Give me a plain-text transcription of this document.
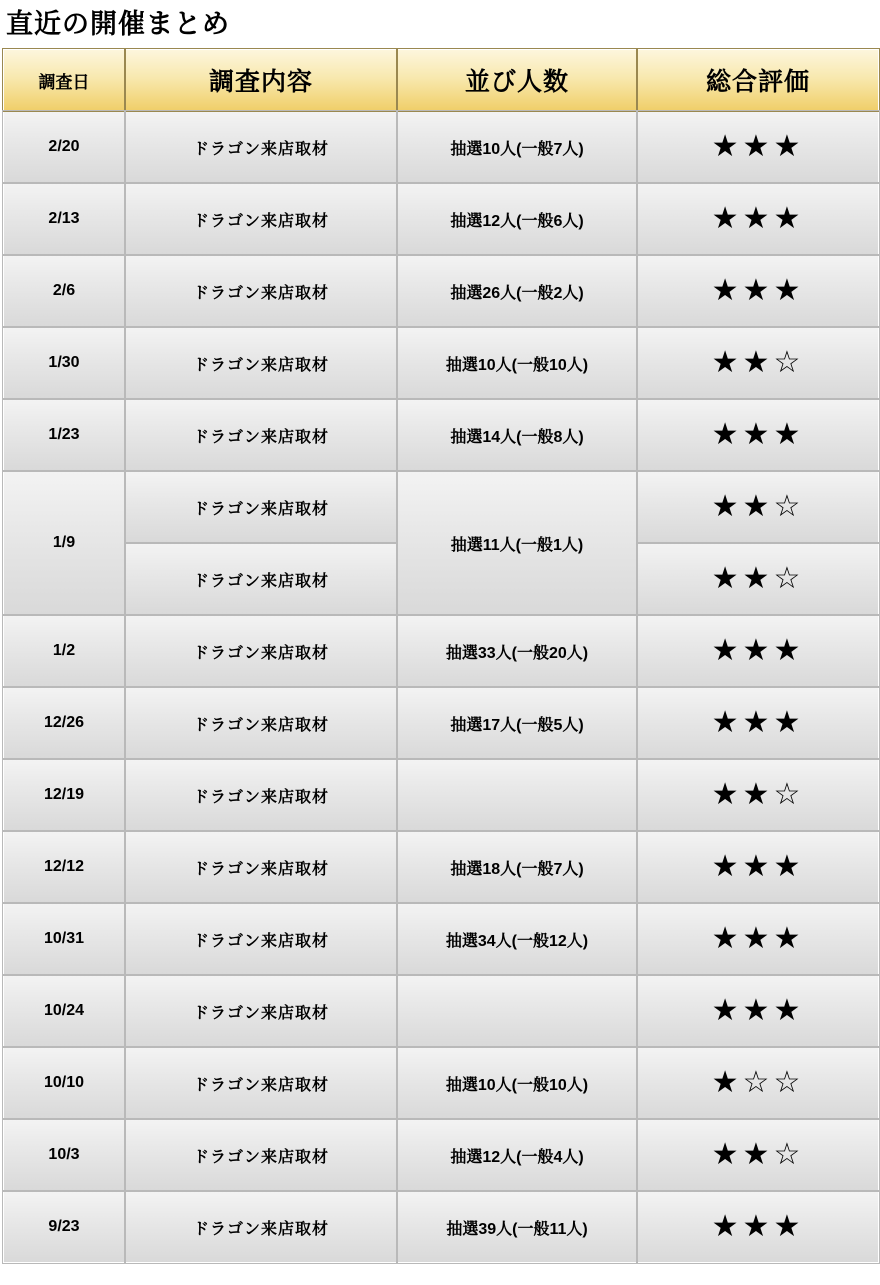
直近の開催まとめ
調査日	調査内容	並び人数	総合評価
2/20	ドラゴン来店取材	抽選10人(一般7人)	★★★
2/13	ドラゴン来店取材	抽選12人(一般6人)	★★★
2/6	ドラゴン来店取材	抽選26人(一般2人)	★★★
1/30	ドラゴン来店取材	抽選10人(一般10人)	★★☆
1/23	ドラゴン来店取材	抽選14人(一般8人)	★★★
1/9	ドラゴン来店取材	抽選11人(一般1人)	★★☆
	ドラゴン来店取材		★★☆
1/2	ドラゴン来店取材	抽選33人(一般20人)	★★★
12/26	ドラゴン来店取材	抽選17人(一般5人)	★★★
12/19	ドラゴン来店取材		★★☆
12/12	ドラゴン来店取材	抽選18人(一般7人)	★★★
10/31	ドラゴン来店取材	抽選34人(一般12人)	★★★
10/24	ドラゴン来店取材		★★★
10/10	ドラゴン来店取材	抽選10人(一般10人)	★☆☆
10/3	ドラゴン来店取材	抽選12人(一般4人)	★★☆
9/23	ドラゴン来店取材	抽選39人(一般11人)	★★★
